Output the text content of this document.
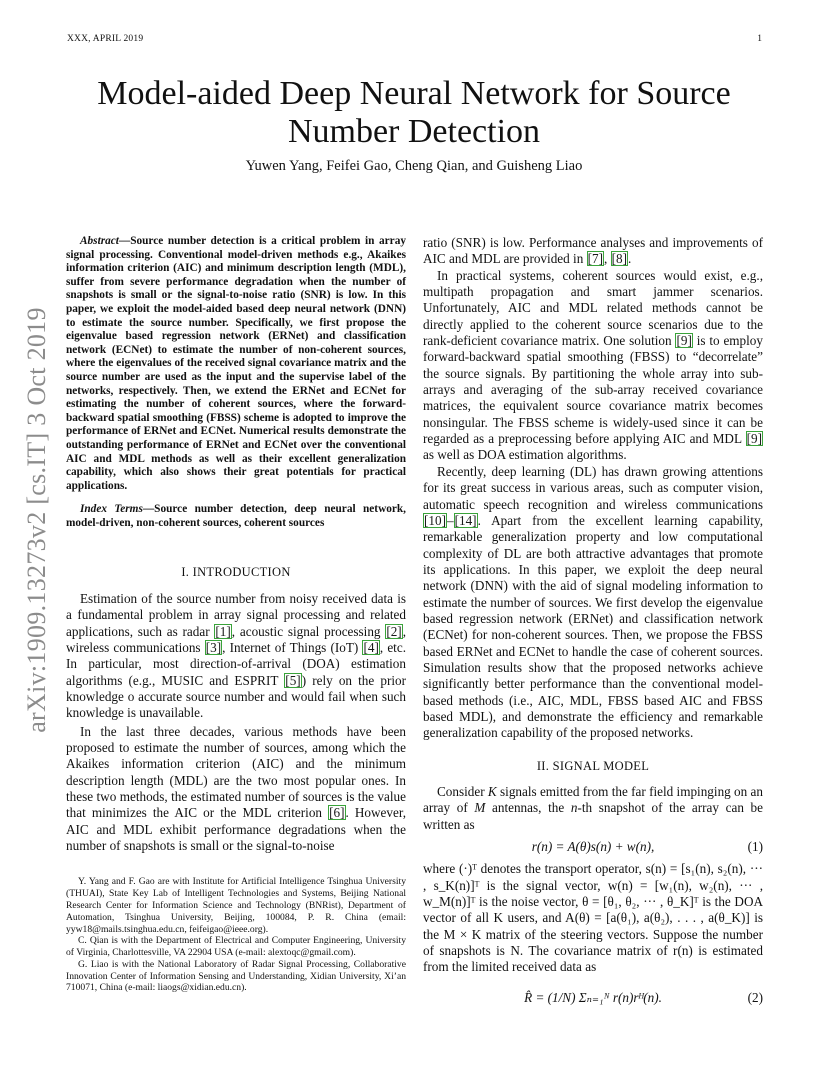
XXX, APRIL 2019	1
arXiv:1909.13273v2 [cs.IT] 3 Oct 2019
Model-aided Deep Neural Network for Source Number Detection
Yuwen Yang, Feifei Gao, Cheng Qian, and Guisheng Liao

Abstract—Source number detection is a critical problem in array signal processing. Conventional model-driven methods e.g., Akaikes information criterion (AIC) and minimum description length (MDL), suffer from severe performance degradation when the number of snapshots is small or the signal-to-noise ratio (SNR) is low. In this paper, we exploit the model-aided based deep neural network (DNN) to estimate the source number. Specifically, we first propose the eigenvalue based regression network (ERNet) and classification network (ECNet) to estimate the number of non-coherent sources, where the eigenvalues of the received signal covariance matrix and the source number are used as the input and the supervise label of the networks, respectively. Then, we extend the ERNet and ECNet for estimating the number of coherent sources, where the forward-backward spatial smoothing (FBSS) scheme is adopted to improve the performance of ERNet and ECNet. Numerical results demonstrate the outstanding performance of ERNet and ECNet over the conventional AIC and MDL methods as well as their excellent generalization capability, which also shows their great potentials for practical applications.

Index Terms—Source number detection, deep neural network, model-driven, non-coherent sources, coherent sources

I. INTRODUCTION

Estimation of the source number from noisy received data is a fundamental problem in array signal processing and related applications, such as radar [1], acoustic signal processing [2], wireless communications [3], Internet of Things (IoT) [4], etc. In particular, most direction-of-arrival (DOA) estimation algorithms (e.g., MUSIC and ESPRIT [5]) rely on the prior knowledge o accurate source number and would fail when such knowledge is unavailable.

In the last three decades, various methods have been proposed to estimate the number of sources, among which the Akaikes information criterion (AIC) and the minimum description length (MDL) are the two most popular ones. In these two methods, the estimated number of sources is the value that minimizes the AIC or the MDL criterion [6]. However, AIC and MDL exhibit performance degradations when the number of snapshots is small or the signal-to-noise

Y. Yang and F. Gao are with Institute for Artificial Intelligence Tsinghua University (THUAI), State Key Lab of Intelligent Technologies and Systems, Beijing National Research Center for Information Science and Technology (BNRist), Department of Automation, Tsinghua University, Beijing, 100084, P. R. China (email: yyw18@mails.tsinghua.edu.cn, feifeigao@ieee.org).

C. Qian is with the Department of Electrical and Computer Engineering, University of Virginia, Charlottesville, VA 22904 USA (e-mail: alextoqc@gmail.com).

G. Liao is with the National Laboratory of Radar Signal Processing, Collaborative Innovation Center of Information Sensing and Understanding, Xidian University, Xi’an 710071, China (e-mail: liaogs@xidian.edu.cn).

ratio (SNR) is low. Performance analyses and improvements of AIC and MDL are provided in [7], [8].

In practical systems, coherent sources would exist, e.g., multipath propagation and smart jammer scenarios. Unfortunately, AIC and MDL related methods cannot be directly applied to the coherent source scenarios due to the rank-deficient covariance matrix. One solution [9] is to employ forward-backward spatial smoothing (FBSS) to “decorrelate” the source signals. By partitioning the whole array into sub-arrays and averaging of the sub-array received covariance matrices, the equivalent source covariance matrix becomes nonsingular. The FBSS scheme is widely-used since it can be regarded as a preprocessing before applying AIC and MDL [9] as well as DOA estimation algorithms.

Recently, deep learning (DL) has drawn growing attentions for its great success in various areas, such as computer vision, automatic speech recognition and wireless communications [10]–[14]. Apart from the excellent learning capability, remarkable generalization property and low computational complexity of DL are both attractive advantages that promote its applications. In this paper, we exploit the deep neural network (DNN) with the aid of signal modeling information to estimate the number of sources. We first develop the eigenvalue based regression network (ERNet) and classification network (ECNet) for non-coherent sources. Then, we propose the FBSS based ERNet and ECNet to handle the case of coherent sources. Simulation results show that the proposed networks achieve significantly better performance than the conventional model-based methods (i.e., AIC, MDL, FBSS based AIC and FBSS based MDL), and demonstrate the efficiency and remarkable generalization capability of the proposed networks.

II. SIGNAL MODEL

Consider K signals emitted from the far field impinging on an array of M antennas, the n-th snapshot of the array can be written as

r(n) = A(θ)s(n) + w(n),	(1)

where (·)ᵀ denotes the transport operator, s(n) = [s₁(n), s₂(n), ··· , s_K(n)]ᵀ is the signal vector, w(n) = [w₁(n), w₂(n), ··· , w_M(n)]ᵀ is the noise vector, θ = [θ₁, θ₂, ··· , θ_K]ᵀ is the DOA vector of all K users, and A(θ) = [a(θ₁), a(θ₂), . . . , a(θ_K)] is the M × K matrix of the steering vectors. Suppose the number of snapshots is N. The covariance matrix of r(n) is estimated from the limited received data as

R̂ = (1/N) Σₙ₌₁ᴺ r(n)rᴴ(n).	(2)
